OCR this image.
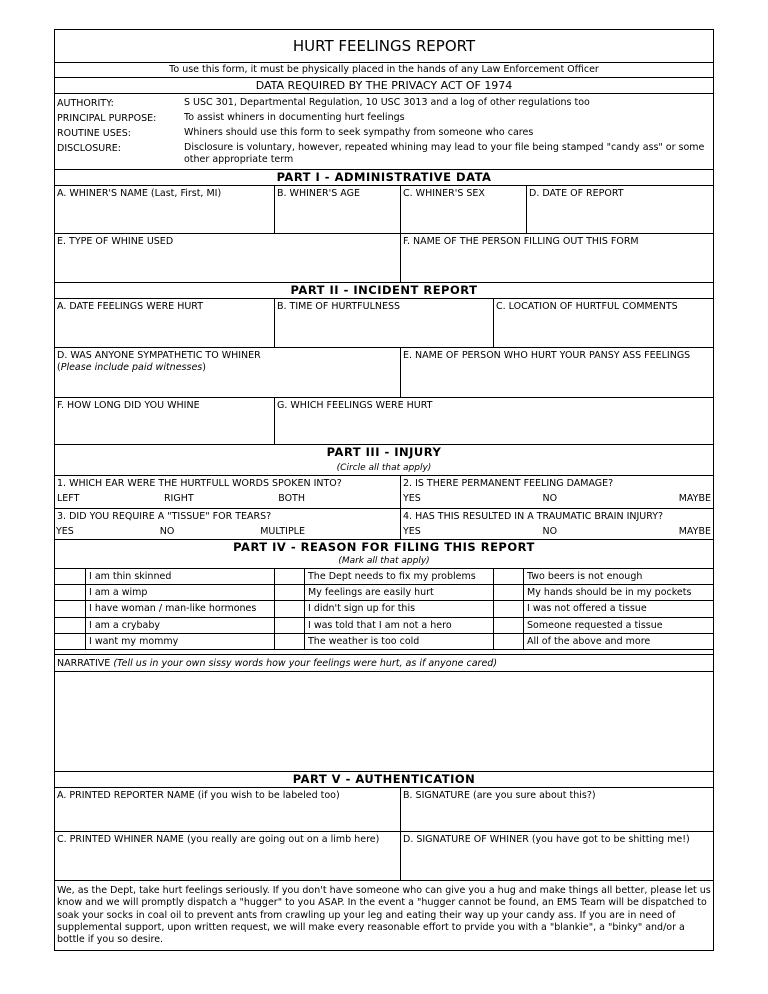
HURT FEELINGS REPORT
To use this form, it must be physically placed in the hands of any Law Enforcement Officer
DATA REQUIRED BY THE PRIVACY ACT OF 1974
AUTHORITY:	S USC 301, Departmental Regulation, 10 USC 3013 and a log of other regulations too
PRINCIPAL PURPOSE:	To assist whiners in documenting hurt feelings
ROUTINE USES:	Whiners should use this form to seek sympathy from someone who cares
DISCLOSURE:	Disclosure is voluntary, however, repeated whining may lead to your file being stamped "candy ass" or some other appropriate term
PART I - ADMINISTRATIVE DATA
A. WHINER'S NAME (Last, First, MI)	B. WHINER'S AGE	C. WHINER'S SEX	D. DATE OF REPORT
E. TYPE OF WHINE USED	F. NAME OF THE PERSON FILLING OUT THIS FORM
PART II - INCIDENT REPORT
A. DATE FEELINGS WERE HURT	B. TIME OF HURTFULNESS	C. LOCATION OF HURTFUL COMMENTS
D. WAS ANYONE SYMPATHETIC TO WHINER
(Please include paid witnesses)
E. NAME OF PERSON WHO HURT YOUR PANSY ASS FEELINGS
F. HOW LONG DID YOU WHINE	G. WHICH FEELINGS WERE HURT
PART III - INJURY
(Circle all that apply)
1. WHICH EAR WERE THE HURTFULL WORDS SPOKEN INTO?
LEFT	RIGHT	BOTH
2. IS THERE PERMANENT FEELING DAMAGE?
YES	NO	MAYBE
3. DID YOU REQUIRE A "TISSUE" FOR TEARS?
YES	NO	MULTIPLE
4. HAS THIS RESULTED IN A TRAUMATIC BRAIN INJURY?
YES	NO	MAYBE
PART IV - REASON FOR FILING THIS REPORT
(Mark all that apply)
I am thin skinned	The Dept needs to fix my problems	Two beers is not enough
I am a wimp	My feelings are easily hurt	My hands should be in my pockets
I have woman / man-like hormones	I didn't sign up for this	I was not offered a tissue
I am a crybaby	I was told that I am not a hero	Someone requested a tissue
I want my mommy	The weather is too cold	All of the above and more
NARRATIVE (Tell us in your own sissy words how your feelings were hurt, as if anyone cared)
PART V - AUTHENTICATION
A. PRINTED REPORTER NAME (if you wish to be labeled too)	B. SIGNATURE (are you sure about this?)
C. PRINTED WHINER NAME (you really are going out on a limb here)	D. SIGNATURE OF WHINER (you have got to be shitting me!)
We, as the Dept, take hurt feelings seriously. If you don't have someone who can give you a hug and make things all better, please let us know and we will promptly dispatch a "hugger" to you ASAP. In the event a "hugger cannot be found, an EMS Team will be dispatched to soak your socks in coal oil to prevent ants from crawling up your leg and eating their way up your candy ass. If you are in need of supplemental support, upon written request, we will make every reasonable effort to prvide you with a "blankie", a "binky" and/or a bottle if you so desire.
